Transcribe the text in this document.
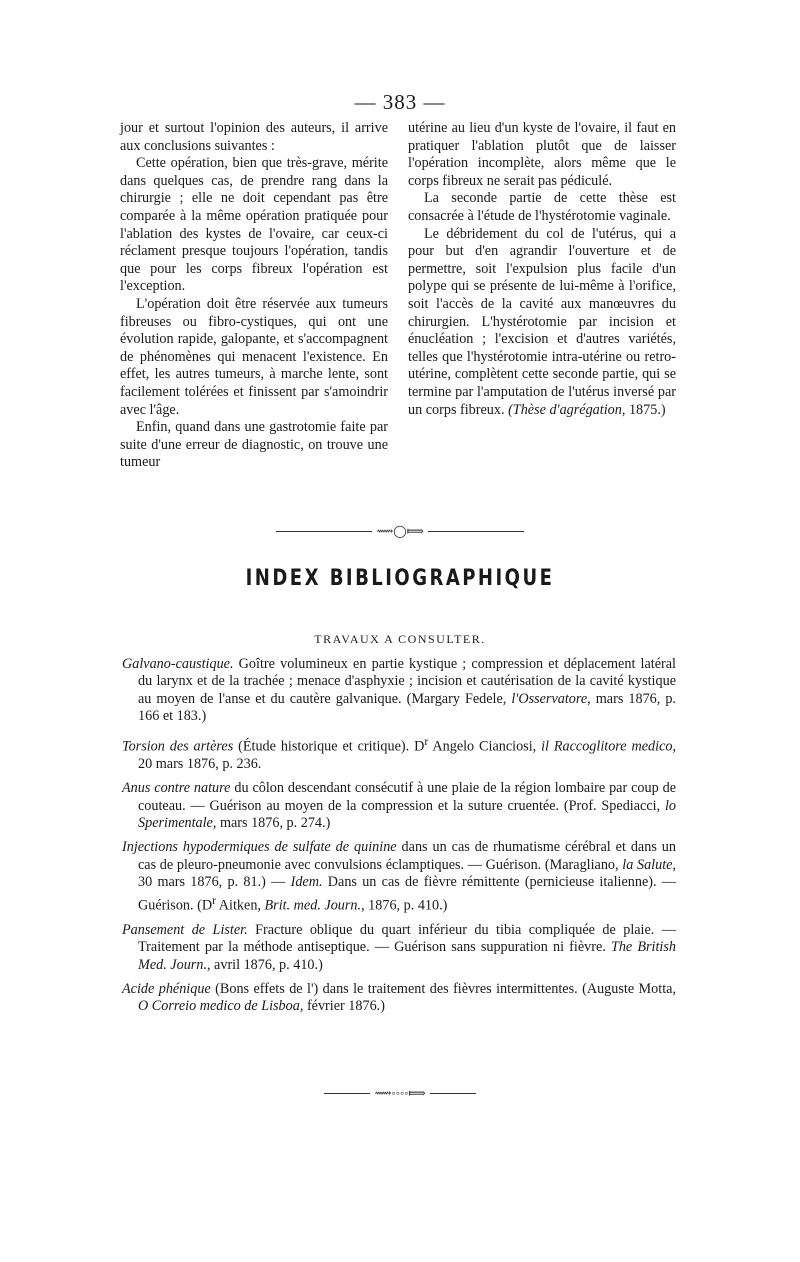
— 383 —

jour et surtout l'opinion des auteurs, il arrive aux conclusions suivantes :

Cette opération, bien que très-grave, mérite dans quelques cas, de prendre rang dans la chirurgie ; elle ne doit cependant pas être comparée à la même opération pratiquée pour l'ablation des kystes de l'ovaire, car ceux-ci réclament presque toujours l'opération, tandis que pour les corps fibreux l'opération est l'exception.

L'opération doit être réservée aux tumeurs fibreuses ou fibro-cystiques, qui ont une évolution rapide, galopante, et s'accompagnent de phénomènes qui menacent l'existence. En effet, les autres tumeurs, à marche lente, sont facilement tolérées et finissent par s'amoindrir avec l'âge.

Enfin, quand dans une gastrotomie faite par suite d'une erreur de diagnostic, on trouve une tumeur

utérine au lieu d'un kyste de l'ovaire, il faut en pratiquer l'ablation plutôt que de laisser l'opération incomplète, alors même que le corps fibreux ne serait pas pédiculé.

La seconde partie de cette thèse est consacrée à l'étude de l'hystérotomie vaginale.

Le débridement du col de l'utérus, qui a pour but d'en agrandir l'ouverture et de permettre, soit l'expulsion plus facile d'un polype qui se présente de lui-même à l'orifice, soit l'accès de la cavité aux manœuvres du chirurgien. L'hystérotomie par incision et énucléation ; l'excision et d'autres variétés, telles que l'hystérotomie intra-utérine ou retro-utérine, complètent cette seconde partie, qui se termine par l'amputation de l'utérus inversé par un corps fibreux. (Thèse d'agrégation, 1875.)

⟿◯⟾
INDEX BIBLIOGRAPHIQUE
TRAVAUX A CONSULTER.

Galvano-caustique. Goître volumineux en partie kystique ; compression et déplacement latéral du larynx et de la trachée ; menace d'asphyxie ; incision et cautérisation de la cavité kystique au moyen de l'anse et du cautère galvanique. (Margary Fedele, l'Osservatore, mars 1876, p. 166 et 183.)

Torsion des artères (Étude historique et critique). $D^r$ Angelo Cianciosi, il Raccoglitore medico, 20 mars 1876, p. 236.

Anus contre nature du côlon descendant consécutif à une plaie de la région lombaire par coup de couteau. — Guérison au moyen de la compression et la suture cruentée. (Prof. Spediacci, lo Sperimentale, mars 1876, p. 274.)

Injections hypodermiques de sulfate de quinine dans un cas de rhumatisme cérébral et dans un cas de pleuro-pneumonie avec convulsions éclamptiques. — Guérison. (Maragliano, la Salute, 30 mars 1876, p. 81.) — Idem. Dans un cas de fièvre rémittente (pernicieuse italienne). — Guérison. ($D^r$ Aitken, Brit. med. Journ., 1876, p. 410.)

Pansement de Lister. Fracture oblique du quart inférieur du tibia compliquée de plaie. — Traitement par la méthode antiseptique. — Guérison sans suppuration ni fièvre. The British Med. Journ., avril 1876, p. 410.)

Acide phénique (Bons effets de l') dans le traitement des fièvres intermittentes. (Auguste Motta, O Correio medico de Lisboa, février 1876.)

⟿◦◦◦◦⟾
